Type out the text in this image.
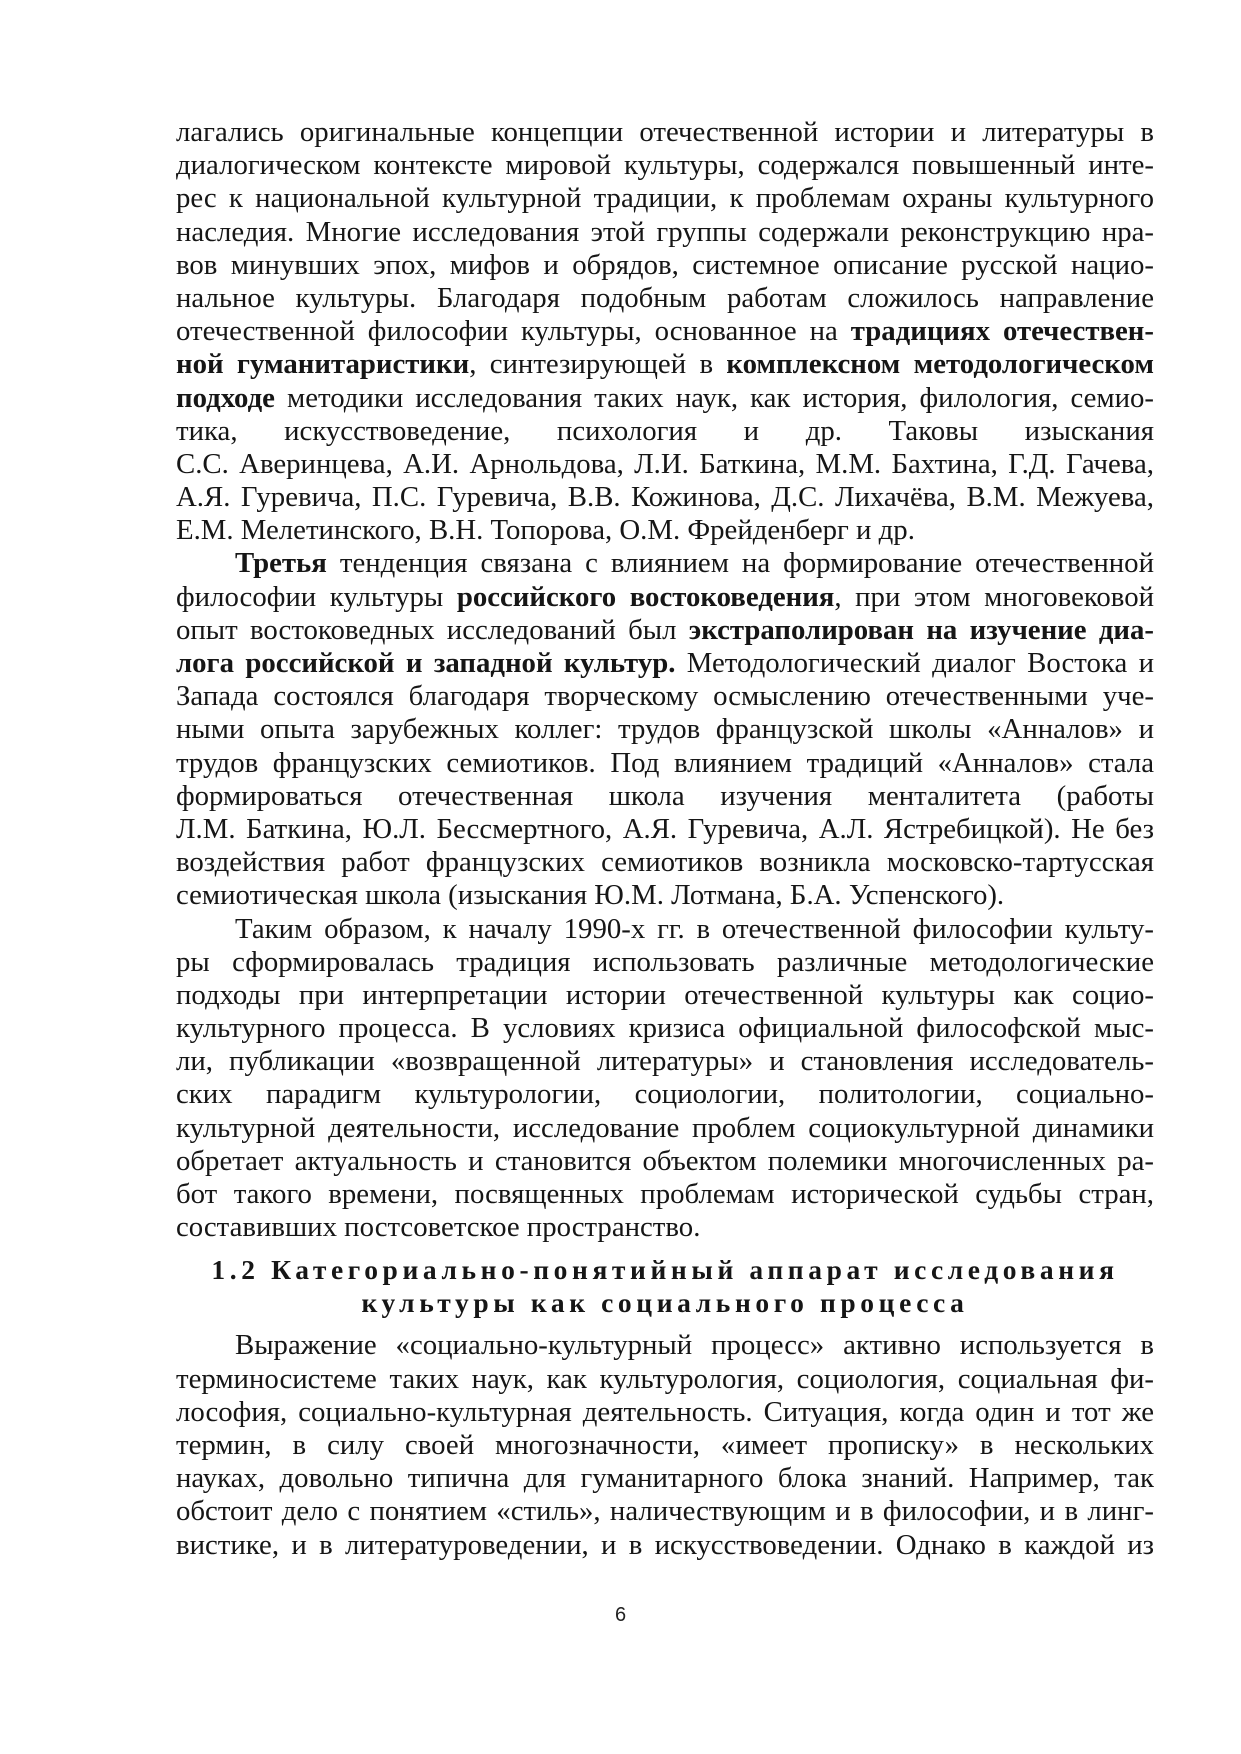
лагались оригинальные концепции отечественной истории и литературы в
диалогическом контексте мировой культуры, содержался повышенный инте-
рес к национальной культурной традиции, к проблемам охраны культурного
наследия. Многие исследования этой группы содержали реконструкцию нра-
вов минувших эпох, мифов и обрядов, системное описание русской нацио-
нальное культуры. Благодаря подобным работам сложилось направление
отечественной философии культуры, основанное на традициях отечествен-
ной гуманитаристики, синтезирующей в комплексном методологическом
подходе методики исследования таких наук, как история, филология, семио-
тика, искусствоведение, психология и др. Таковы изыскания
С.С. Аверинцева, А.И. Арнольдова, Л.И. Баткина, М.М. Бахтина, Г.Д. Гачева,
А.Я. Гуревича, П.С. Гуревича, В.В. Кожинова, Д.С. Лихачёва, В.М. Межуева,
Е.М. Мелетинского, В.Н. Топорова, О.М. Фрейденберг и др.
Третья тенденция связана с влиянием на формирование отечественной
философии культуры российского востоковедения, при этом многовековой
опыт востоковедных исследований был экстраполирован на изучение диа-
лога российской и западной культур. Методологический диалог Востока и
Запада состоялся благодаря творческому осмыслению отечественными уче-
ными опыта зарубежных коллег: трудов французской школы «Анналов» и
трудов французских семиотиков. Под влиянием традиций «Анналов» стала
формироваться отечественная школа изучения менталитета (работы
Л.М. Баткина, Ю.Л. Бессмертного, А.Я. Гуревича, А.Л. Ястребицкой). Не без
воздействия работ французских семиотиков возникла московско-тартусская
семиотическая школа (изыскания Ю.М. Лотмана, Б.А. Успенского).
Таким образом, к началу 1990-х гг. в отечественной философии культу-
ры сформировалась традиция использовать различные методологические
подходы при интерпретации истории отечественной культуры как социо-
культурного процесса. В условиях кризиса официальной философской мыс-
ли, публикации «возвращенной литературы» и становления исследователь-
ских парадигм культурологии, социологии, политологии, социально-
культурной деятельности, исследование проблем социокультурной динамики
обретает актуальность и становится объектом полемики многочисленных ра-
бот такого времени, посвященных проблемам исторической судьбы стран,
составивших постсоветское пространство.
1.2 Категориально-понятийный аппарат исследования
культуры как социального процесса
Выражение «социально-культурный процесс» активно используется в
терминосистеме таких наук, как культурология, социология, социальная фи-
лософия, социально-культурная деятельность. Ситуация, когда один и тот же
термин, в силу своей многозначности, «имеет прописку» в нескольких
науках, довольно типична для гуманитарного блока знаний. Например, так
обстоит дело с понятием «стиль», наличествующим и в философии, и в линг-
вистике, и в литературоведении, и в искусствоведении. Однако в каждой из
6
